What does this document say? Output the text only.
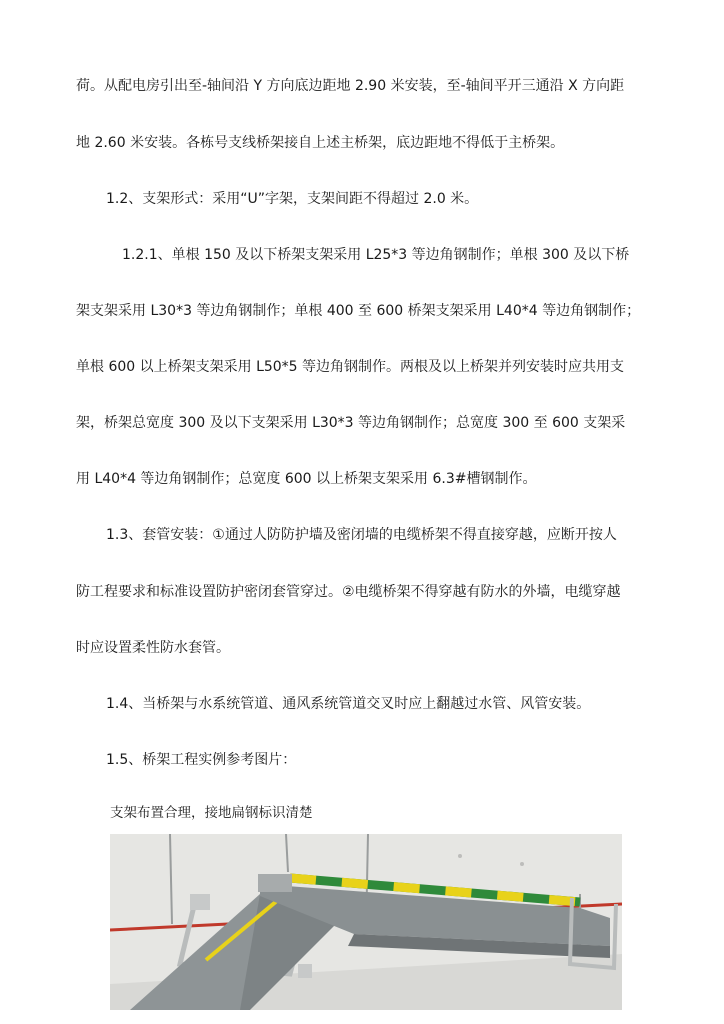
荷。从配电房引出至-轴间沿 Y 方向底边距地 2.90 米安装，至-轴间平开三通沿 X 方向距
地 2.60 米安装。各栋号支线桥架接自上述主桥架，底边距地不得低于主桥架。
1.2、支架形式：采用“U”字架，支架间距不得超过 2.0 米。
1.2.1、单根 150 及以下桥架支架采用 L25*3 等边角钢制作；单根 300 及以下桥
架支架采用 L30*3 等边角钢制作；单根 400 至 600 桥架支架采用 L40*4 等边角钢制作；
单根 600 以上桥架支架采用 L50*5 等边角钢制作。两根及以上桥架并列安装时应共用支
架，桥架总宽度 300 及以下支架采用 L30*3 等边角钢制作；总宽度 300 至 600 支架采
用 L40*4 等边角钢制作；总宽度 600 以上桥架支架采用 6.3#槽钢制作。
1.3、套管安装：①通过人防防护墙及密闭墙的电缆桥架不得直接穿越，应断开按人
防工程要求和标准设置防护密闭套管穿过。②电缆桥架不得穿越有防水的外墙，电缆穿越
时应设置柔性防水套管。
1.4、当桥架与水系统管道、通风系统管道交叉时应上翻越过水管、风管安装。
1.5、桥架工程实例参考图片：
支架布置合理，接地扁钢标识清楚
